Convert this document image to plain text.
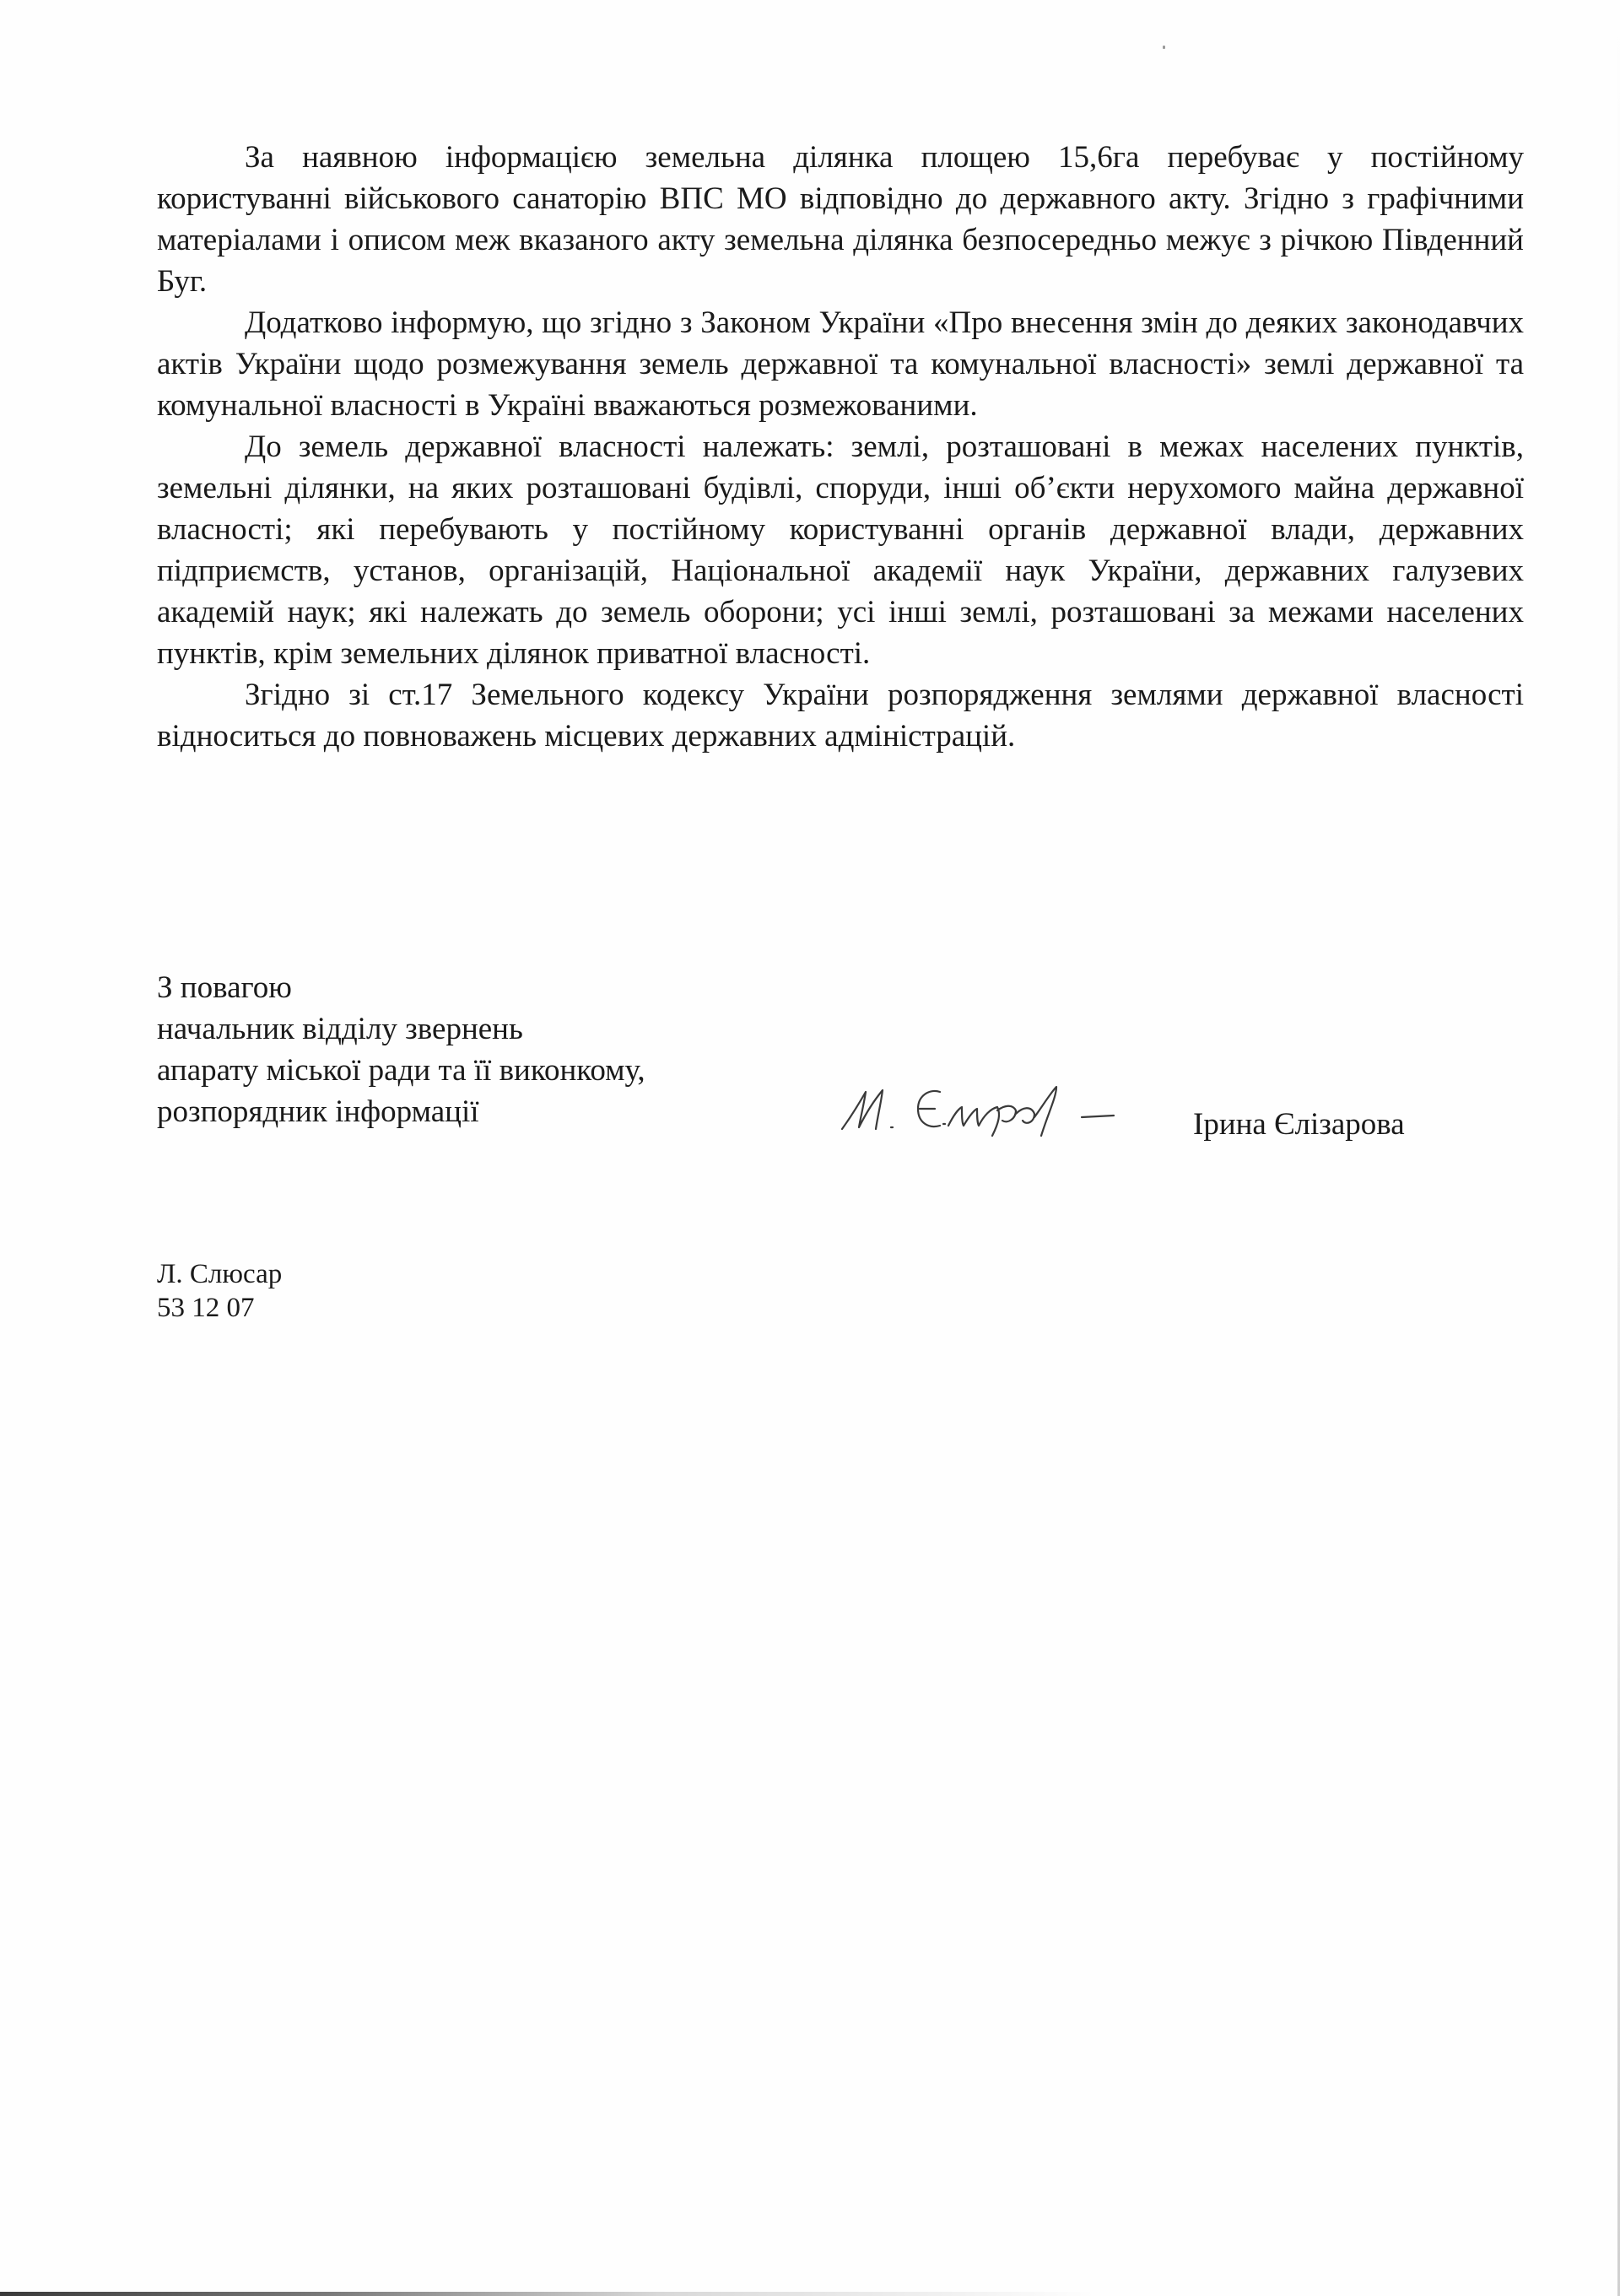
За наявною інформацією земельна ділянка площею 15,6га перебуває у постійному користуванні військового санаторію ВПС МО відповідно до державного акту. Згідно з графічними матеріалами і описом меж вказаного акту земельна ділянка безпосередньо межує з річкою Південний Буг.

Додатково інформую, що згідно з Законом України «Про внесення змін до деяких законодавчих актів України щодо розмежування земель державної та комунальної власності» землі державної та комунальної власності в Україні вважаються розмежованими.

До земель державної власності належать: землі, розташовані в межах населених пунктів, земельні ділянки, на яких розташовані будівлі, споруди, інші об’єкти нерухомого майна державної власності; які перебувають у постійному користуванні органів державної влади, державних підприємств, установ, організацій, Національної академії наук України, державних галузевих академій наук; які належать до земель оборони; усі інші землі, розташовані за межами населених пунктів, крім земельних ділянок приватної власності.

Згідно зі ст.17 Земельного кодексу України розпорядження землями державної власності відноситься до повноважень місцевих державних адміністрацій.

З повагою
начальник відділу звернень
апарату міської ради та її виконкому,
розпорядник інформації	Ірина Єлізарова
Л. Слюсар
53 12 07
